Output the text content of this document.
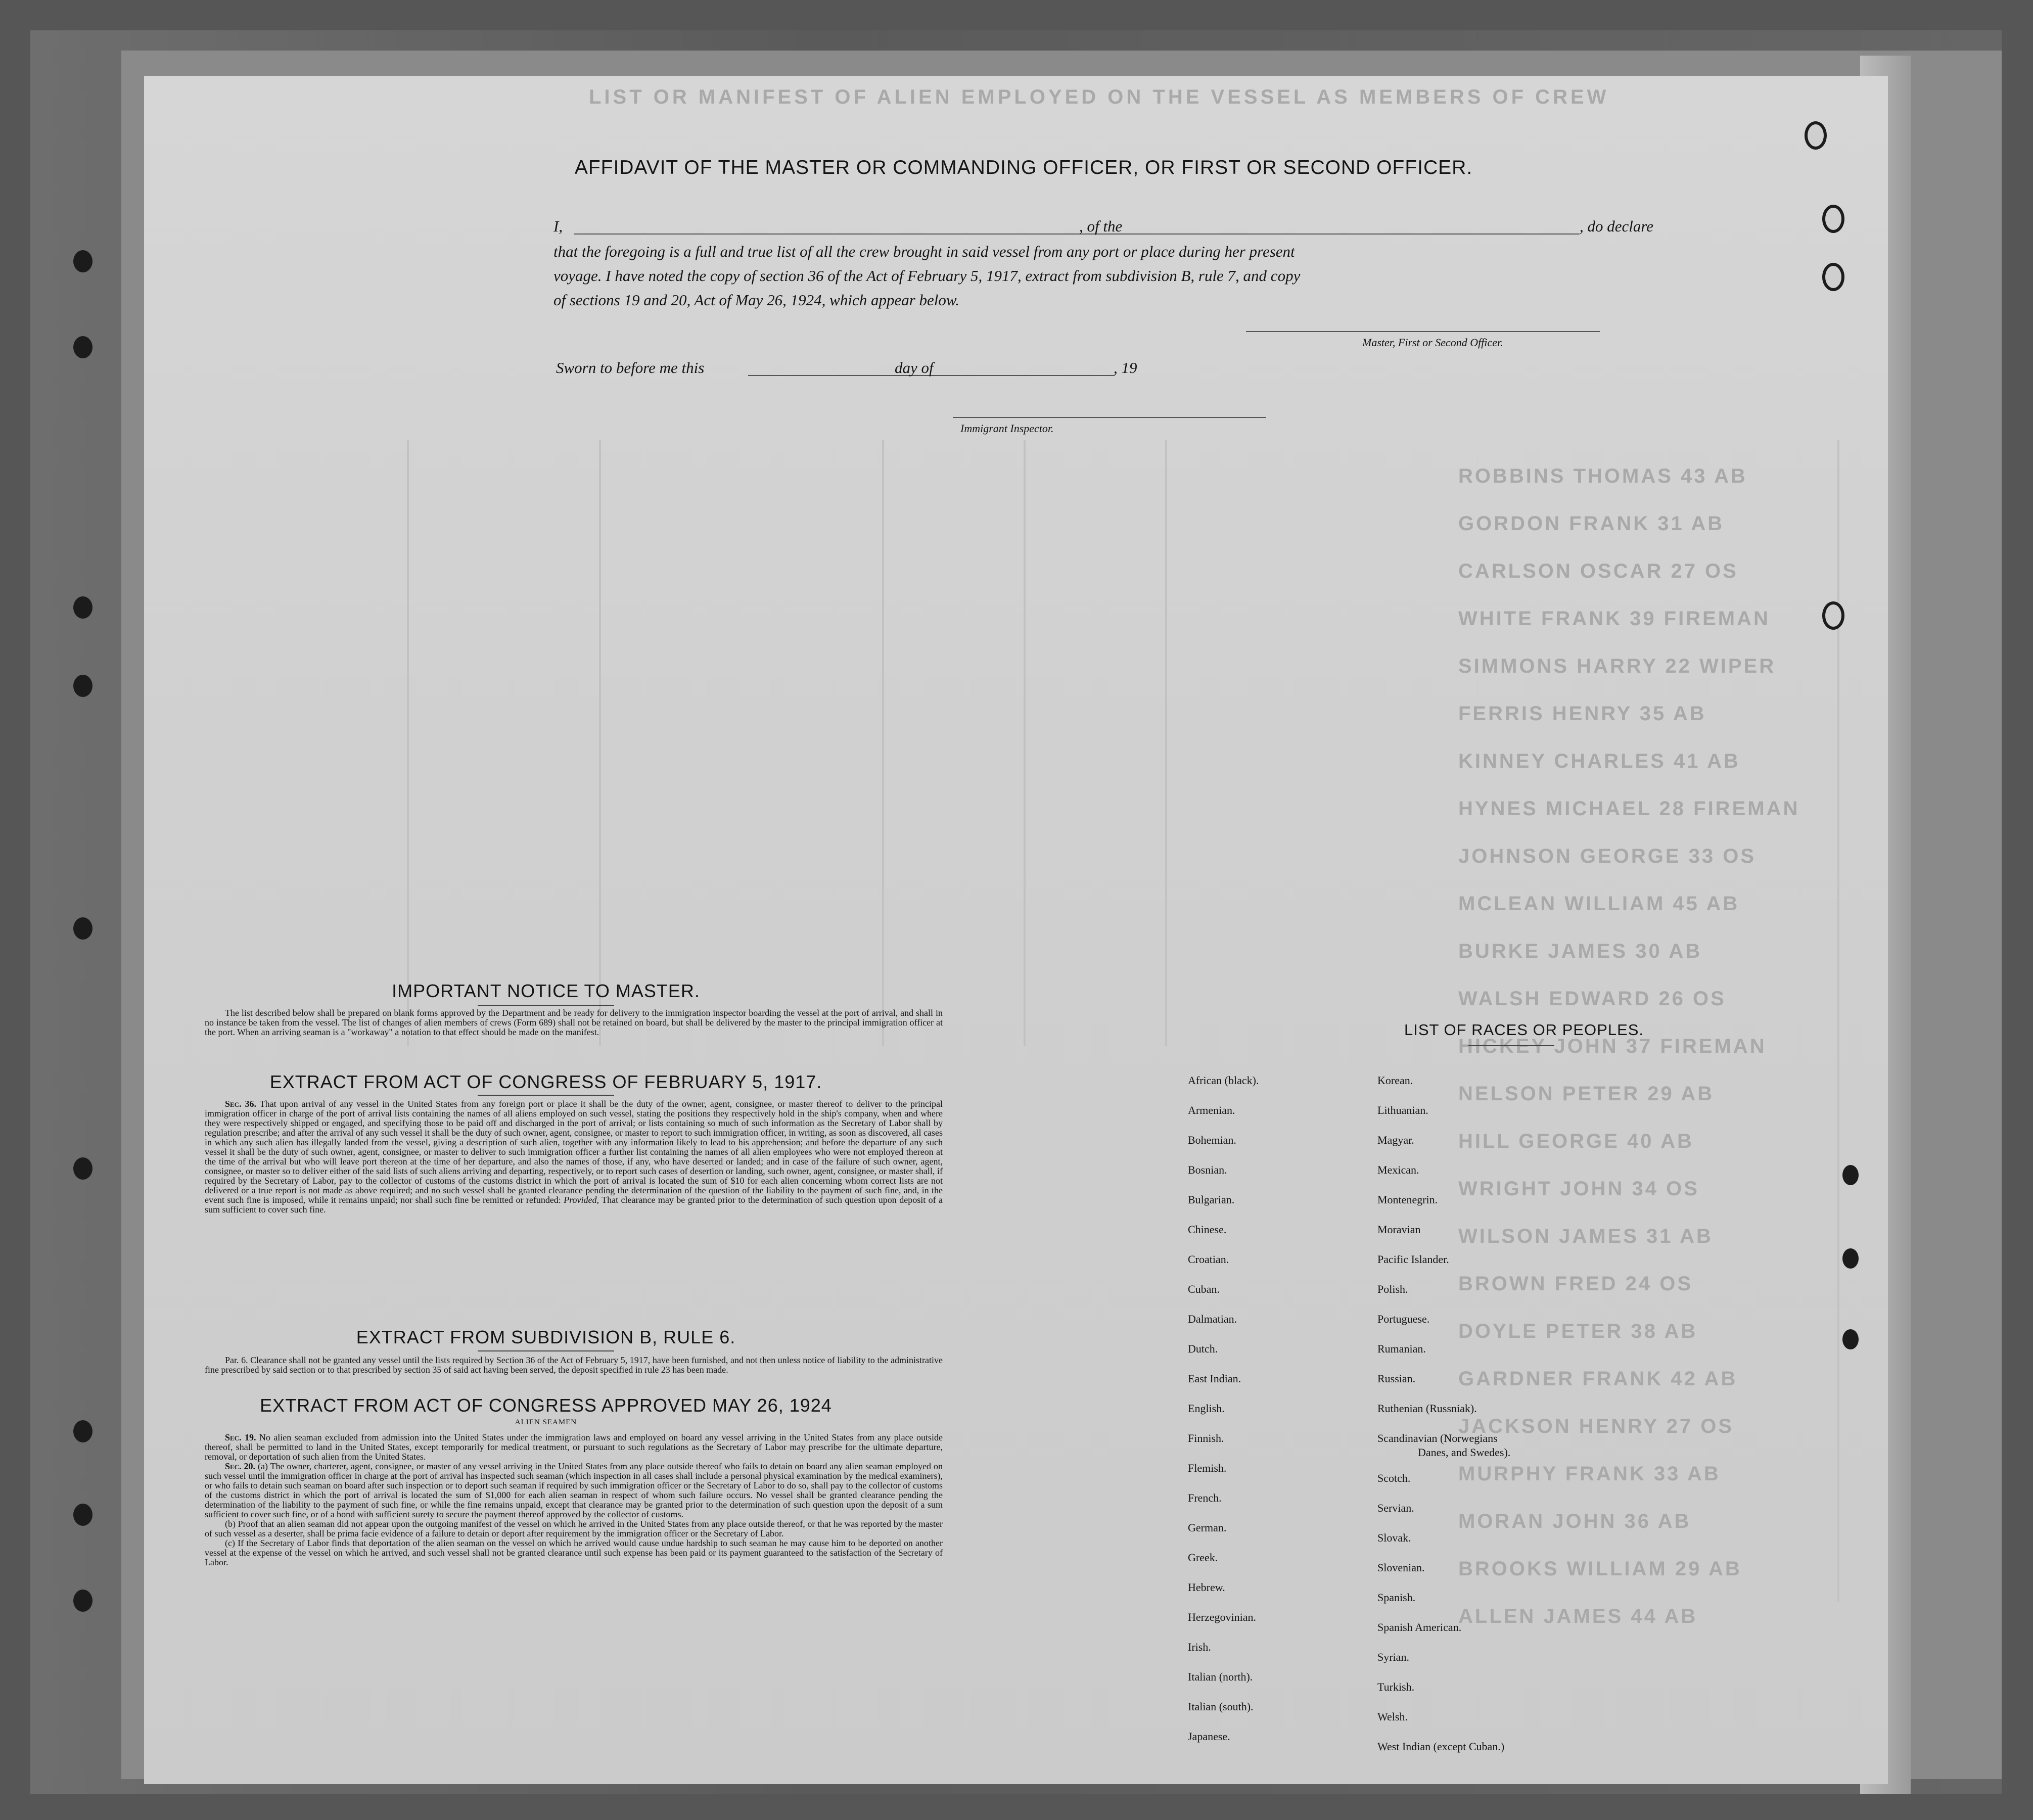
LIST OR MANIFEST OF ALIEN EMPLOYED ON THE VESSEL AS MEMBERS OF CREW
ROBBINS THOMAS 43 AB
GORDON FRANK 31 AB
CARLSON OSCAR 27 OS
WHITE FRANK 39 FIREMAN
SIMMONS HARRY 22 WIPER
FERRIS HENRY 35 AB
KINNEY CHARLES 41 AB
HYNES MICHAEL 28 FIREMAN
JOHNSON GEORGE 33 OS
MCLEAN WILLIAM 45 AB
BURKE JAMES 30 AB
WALSH EDWARD 26 OS
HICKEY JOHN 37 FIREMAN
NELSON PETER 29 AB
HILL GEORGE 40 AB
WRIGHT JOHN 34 OS
WILSON JAMES 31 AB
BROWN FRED 24 OS
DOYLE PETER 38 AB
GARDNER FRANK 42 AB
JACKSON HENRY 27 OS
MURPHY FRANK 33 AB
MORAN JOHN 36 AB
BROOKS WILLIAM 29 AB
ALLEN JAMES 44 AB
AFFIDAVIT OF THE MASTER OR COMMANDING OFFICER, OR FIRST OR SECOND OFFICER.
I,	, of the	, do declare
that the foregoing is a full and true list of all the crew brought in said vessel from any port or place during her present
voyage. I have noted the copy of section 36 of the Act of February 5, 1917, extract from subdivision B, rule 7, and copy
of sections 19 and 20, Act of May 26, 1924, which appear below.
Master, First or Second Officer.
Sworn to before me this	day of	, 19
Immigrant Inspector.
IMPORTANT NOTICE TO MASTER.

The list described below shall be prepared on blank forms approved by the Department and be ready for delivery to the immigration inspector boarding the vessel at the port of arrival, and shall in no instance be taken from the vessel. The list of changes of alien members of crews (Form 689) shall not be retained on board, but shall be delivered by the master to the principal immigration officer at the port. When an arriving seaman is a "workaway" a notation to that effect should be made on the manifest.

EXTRACT FROM ACT OF CONGRESS OF FEBRUARY 5, 1917.

Sec. 36. That upon arrival of any vessel in the United States from any foreign port or place it shall be the duty of the owner, agent, consignee, or master thereof to deliver to the principal immigration officer in charge of the port of arrival lists containing the names of all aliens employed on such vessel, stating the positions they respectively hold in the ship's company, when and where they were respectively shipped or engaged, and specifying those to be paid off and discharged in the port of arrival; or lists containing so much of such information as the Secretary of Labor shall by regulation prescribe; and after the arrival of any such vessel it shall be the duty of such owner, agent, consignee, or master to report to such immigration officer, in writing, as soon as discovered, all cases in which any such alien has illegally landed from the vessel, giving a description of such alien, together with any information likely to lead to his apprehension; and before the departure of any such vessel it shall be the duty of such owner, agent, consignee, or master to deliver to such immigration officer a further list containing the names of all alien employees who were not employed thereon at the time of the arrival but who will leave port thereon at the time of her departure, and also the names of those, if any, who have deserted or landed; and in case of the failure of such owner, agent, consignee, or master so to deliver either of the said lists of such aliens arriving and departing, respectively, or to report such cases of desertion or landing, such owner, agent, consignee, or master shall, if required by the Secretary of Labor, pay to the collector of customs of the customs district in which the port of arrival is located the sum of $10 for each alien concerning whom correct lists are not delivered or a true report is not made as above required; and no such vessel shall be granted clearance pending the determination of the question of the liability to the payment of such fine, and, in the event such fine is imposed, while it remains unpaid; nor shall such fine be remitted or refunded: Provided, That clearance may be granted prior to the determination of such question upon deposit of a sum sufficient to cover such fine.

EXTRACT FROM SUBDIVISION B, RULE 6.

Par. 6. Clearance shall not be granted any vessel until the lists required by Section 36 of the Act of February 5, 1917, have been furnished, and not then unless notice of liability to the administrative fine prescribed by said section or to that prescribed by section 35 of said act having been served, the deposit specified in rule 23 has been made.

EXTRACT FROM ACT OF CONGRESS APPROVED MAY 26, 1924
ALIEN SEAMEN

Sec. 19. No alien seaman excluded from admission into the United States under the immigration laws and employed on board any vessel arriving in the United States from any place outside thereof, shall be permitted to land in the United States, except temporarily for medical treatment, or pursuant to such regulations as the Secretary of Labor may prescribe for the ultimate departure, removal, or deportation of such alien from the United States.

Sec. 20. (a) The owner, charterer, agent, consignee, or master of any vessel arriving in the United States from any place outside thereof who fails to detain on board any alien seaman employed on such vessel until the immigration officer in charge at the port of arrival has inspected such seaman (which inspection in all cases shall include a personal physical examination by the medical examiners), or who fails to detain such seaman on board after such inspection or to deport such seaman if required by such immigration officer or the Secretary of Labor to do so, shall pay to the collector of customs of the customs district in which the port of arrival is located the sum of $1,000 for each alien seaman in respect of whom such failure occurs. No vessel shall be granted clearance pending the determination of the liability to the payment of such fine, or while the fine remains unpaid, except that clearance may be granted prior to the determination of such question upon the deposit of a sum sufficient to cover such fine, or of a bond with sufficient surety to secure the payment thereof approved by the collector of customs.

(b) Proof that an alien seaman did not appear upon the outgoing manifest of the vessel on which he arrived in the United States from any place outside thereof, or that he was reported by the master of such vessel as a deserter, shall be prima facie evidence of a failure to detain or deport after requirement by the immigration officer or the Secretary of Labor.

(c) If the Secretary of Labor finds that deportation of the alien seaman on the vessel on which he arrived would cause undue hardship to such seaman he may cause him to be deported on another vessel at the expense of the vessel on which he arrived, and such vessel shall not be granted clearance until such expense has been paid or its payment guaranteed to the satisfaction of the Secretary of Labor.

LIST OF RACES OR PEOPLES.
African (black).
Armenian.
Bohemian.
Bosnian.
Bulgarian.
Chinese.
Croatian.
Cuban.
Dalmatian.
Dutch.
East Indian.
English.
Finnish.
Flemish.
French.
German.
Greek.
Hebrew.
Herzegovinian.
Irish.
Italian (north).
Italian (south).
Japanese.
Korean.
Lithuanian.
Magyar.
Mexican.
Montenegrin.
Moravian
Pacific Islander.
Polish.
Portuguese.
Rumanian.
Russian.
Ruthenian (Russniak).
Scandinavian (Norwegians
Scotch.
Servian.
Slovak.
Slovenian.
Spanish.
Spanish American.
Syrian.
Turkish.
Welsh.
West Indian (except Cuban.)
Danes, and Swedes).
